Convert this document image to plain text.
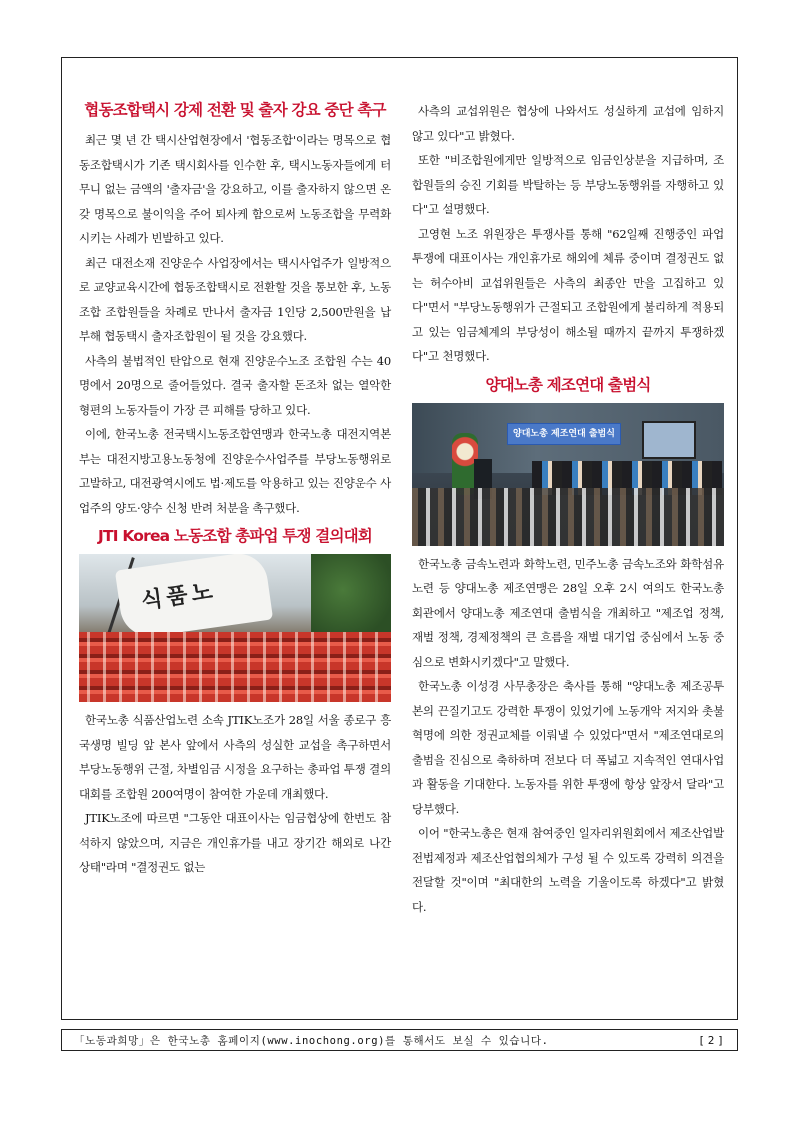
협동조합택시 강제 전환 및 출자 강요 중단 촉구

최근 몇 년 간 택시산업현장에서 '협동조합'이라는 명목으로 협동조합택시가 기존 택시회사를 인수한 후, 택시노동자들에게 터무니 없는 금액의 '출자금'을 강요하고, 이를 출자하지 않으면 온갖 명목으로 불이익을 주어 퇴사케 함으로써 노동조합을 무력화시키는 사례가 빈발하고 있다.

최근 대전소재 진양운수 사업장에서는 택시사업주가 일방적으로 교양교육시간에 협동조합택시로 전환할 것을 통보한 후, 노동조합 조합원들을 차례로 만나서 출자금 1인당 2,500만원을 납부해 협동택시 출자조합원이 될 것을 강요했다.

사측의 불법적인 탄압으로 현재 진양운수노조 조합원 수는 40명에서 20명으로 줄어들었다. 결국 출자할 돈조차 없는 열악한 형편의 노동자들이 가장 큰 피해를 당하고 있다.

이에, 한국노총 전국택시노동조합연맹과 한국노총 대전지역본부는 대전지방고용노동청에 진양운수사업주를 부당노동행위로 고발하고, 대전광역시에도 법·제도를 악용하고 있는 진양운수 사업주의 양도·양수 신청 반려 처분을 촉구했다.

JTI Korea 노동조합 총파업 투쟁 결의대회
식품노

한국노총 식품산업노련 소속 JTIK노조가 28일 서울 종로구 흥국생명 빌딩 앞 본사 앞에서 사측의 성실한 교섭을 촉구하면서 부당노동행위 근절, 차별임금 시정을 요구하는 총파업 투쟁 결의대회를 조합원 200여명이 참여한 가운데 개최했다.

JTIK노조에 따르면 "그동안 대표이사는 임금협상에 한번도 참석하지 않았으며, 지금은 개인휴가를 내고 장기간 해외로 나간 상태"라며 "결정권도 없는

사측의 교섭위원은 협상에 나와서도 성실하게 교섭에 임하지 않고 있다"고 밝혔다.

또한 "비조합원에게만 일방적으로 임금인상분을 지급하며, 조합원들의 승진 기회를 박탈하는 등 부당노동행위를 자행하고 있다"고 설명했다.

고영현 노조 위원장은 투쟁사를 통해 "62일째 진행중인 파업 투쟁에 대표이사는 개인휴가로 해외에 체류 중이며 결정권도 없는 허수아비 교섭위원들은 사측의 최종안 만을 고집하고 있다"면서 "부당노동행위가 근절되고 조합원에게 불리하게 적용되고 있는 임금체계의 부당성이 해소될 때까지 끝까지 투쟁하겠다"고 천명했다.

양대노총 제조연대 출범식
양대노총 제조연대 출범식

한국노총 금속노련과 화학노련, 민주노총 금속노조와 화학섬유노련 등 양대노총 제조연맹은 28일 오후 2시 여의도 한국노총 회관에서 양대노총 제조연대 출범식을 개최하고 "제조업 정책, 재벌 정책, 경제정책의 큰 흐름을 재벌 대기업 중심에서 노동 중심으로 변화시키겠다"고 말했다.

한국노총 이성경 사무총장은 축사를 통해 "양대노총 제조공투본의 끈질기고도 강력한 투쟁이 있었기에 노동개악 저지와 촛불혁명에 의한 정권교체를 이뤄낼 수 있었다"면서 "제조연대로의 출범을 진심으로 축하하며 전보다 더 폭넓고 지속적인 연대사업과 활동을 기대한다. 노동자를 위한 투쟁에 항상 앞장서 달라"고 당부했다.

이어 "한국노총은 현재 참여중인 일자리위원회에서 제조산업발전법제정과 제조산업협의체가 구성 될 수 있도록 강력히 의견을 전달할 것"이며 "최대한의 노력을 기울이도록 하겠다"고 밝혔다.

「노동과희망」은 한국노총 홈페이지(www.inochong.org)를 통해서도 보실 수 있습니다.	[2]
